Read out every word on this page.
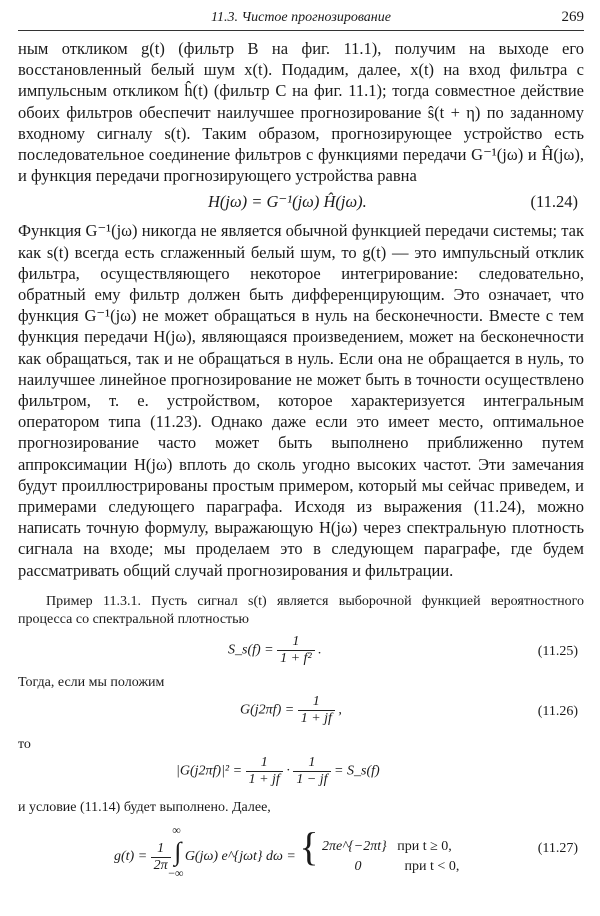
11.3. Чистое прогнозирование	269

ным откликом g(t) (фильтр B на фиг. 11.1), получим на выходе его восстановленный белый шум x(t). Подадим, далее, x(t) на вход фильтра с импульсным откликом ĥ(t) (фильтр C на фиг. 11.1); тогда совместное действие обоих фильтров обеспечит наилучшее прогнозирование ŝ(t + η) по заданному входному сигналу s(t). Таким образом, прогнозирующее устройство есть последовательное соединение фильтров с функциями передачи G⁻¹(jω) и Ĥ(jω), и функция передачи прогнозирующего устройства равна

H(jω) = G⁻¹(jω) Ĥ(jω).	(11.24)

Функция G⁻¹(jω) никогда не является обычной функцией передачи системы; так как s(t) всегда есть сглаженный белый шум, то g(t) — это импульсный отклик фильтра, осуществляющего некоторое интегрирование: следовательно, обратный ему фильтр должен быть дифференцирующим. Это означает, что функция G⁻¹(jω) не может обращаться в нуль на бесконечности. Вместе с тем функция передачи H(jω), являющаяся произведением, может на бесконечности как обращаться, так и не обращаться в нуль. Если она не обращается в нуль, то наилучшее линейное прогнозирование не может быть в точности осуществлено фильтром, т. е. устройством, которое характеризуется интегральным оператором типа (11.23). Однако даже если это имеет место, оптимальное прогнозирование часто может быть выполнено приближенно путем аппроксимации H(jω) вплоть до сколь угодно высоких частот. Эти замечания будут проиллюстрированы простым примером, который мы сейчас приведем, и примерами следующего параграфа. Исходя из выражения (11.24), можно написать точную формулу, выражающую H(jω) через спектральную плотность сигнала на входе; мы проделаем это в следующем параграфе, где будем рассматривать общий случай прогнозирования и фильтрации.

Пример 11.3.1. Пусть сигнал s(t) является выборочной функцией вероятностного процесса со спектральной плотностью

S_s(f) = $\frac{1}{\text{1 + f²}}$ .	(11.25)

Тогда, если мы положим

$G(j2\pi f) = \frac{1}{1 + jf}$ ,	(11.26)

то

$|G(j2\pi f)|^2 = \frac{1}{1 + jf} \cdot \frac{1}{1 - jf}$ = S_s(f)

и условие (11.14) будет выполнено. Далее,

$g(t) = \frac{1}{2\pi}$ ∫
∞
−∞
G(jω) e^{jωt} dω = { 2πe^{−2πt} при t ≥ 0,
0	при t < 0,
(11.27)
